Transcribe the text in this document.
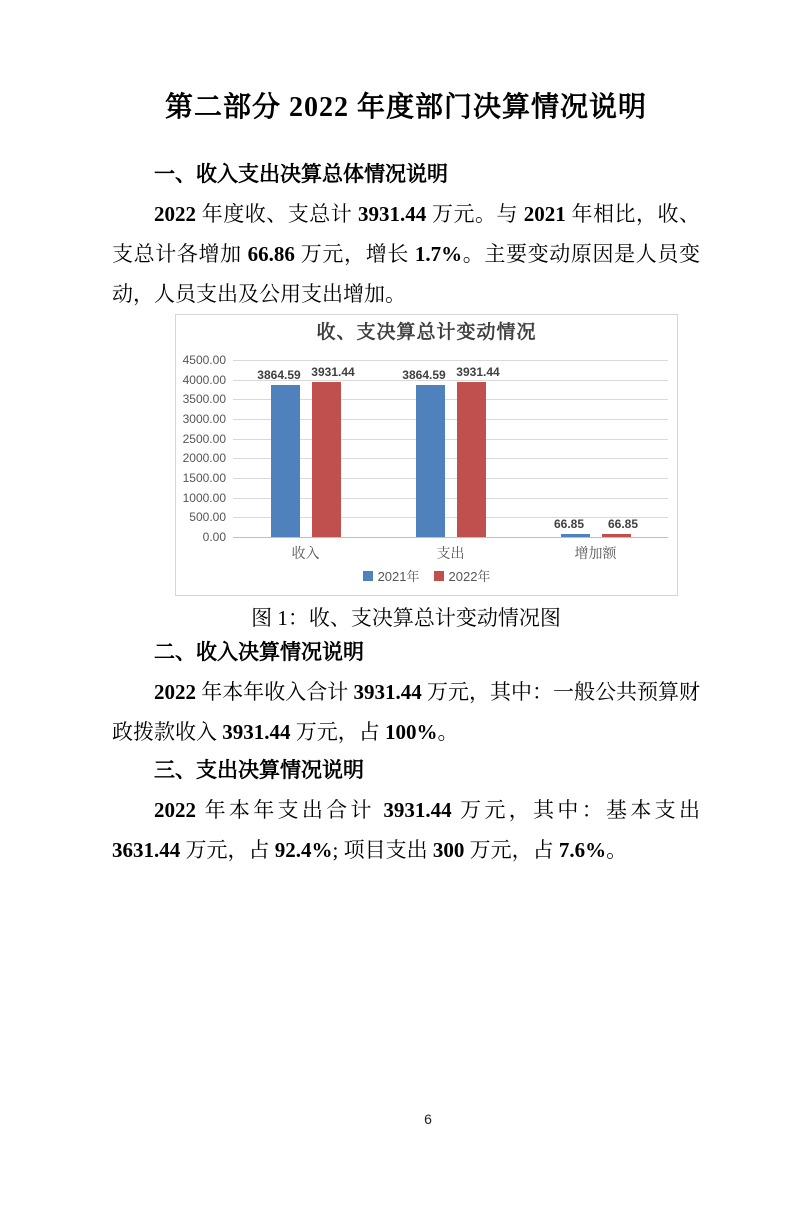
第二部分 2022 年度部门决算情况说明
一、收入支出决算总体情况说明

2022 年度收、支总计 3931.44 万元。与 2021 年相比，收、支总计各增加 66.86 万元，增长 1.7%。主要变动原因是人员变动，人员支出及公用支出增加。

收、支决算总计变动情况
0.00
500.00
1000.00
1500.00
2000.00
2500.00
3000.00
3500.00
4000.00
4500.00
收入
3864.59 3931.44
支出
3864.59 3931.44
增加额
66.85	66.85
2021年 2022年

图 1：收、支决算总计变动情况图

二、收入决算情况说明

2022 年本年收入合计 3931.44 万元，其中：一般公共预算财政拨款收入 3931.44 万元，占 100%。

三、支出决算情况说明

2022 年本年支出合计 3931.44 万元，其中：基本支出 3631.44 万元，占 92.4%; 项目支出 300 万元，占 7.6%。

6
